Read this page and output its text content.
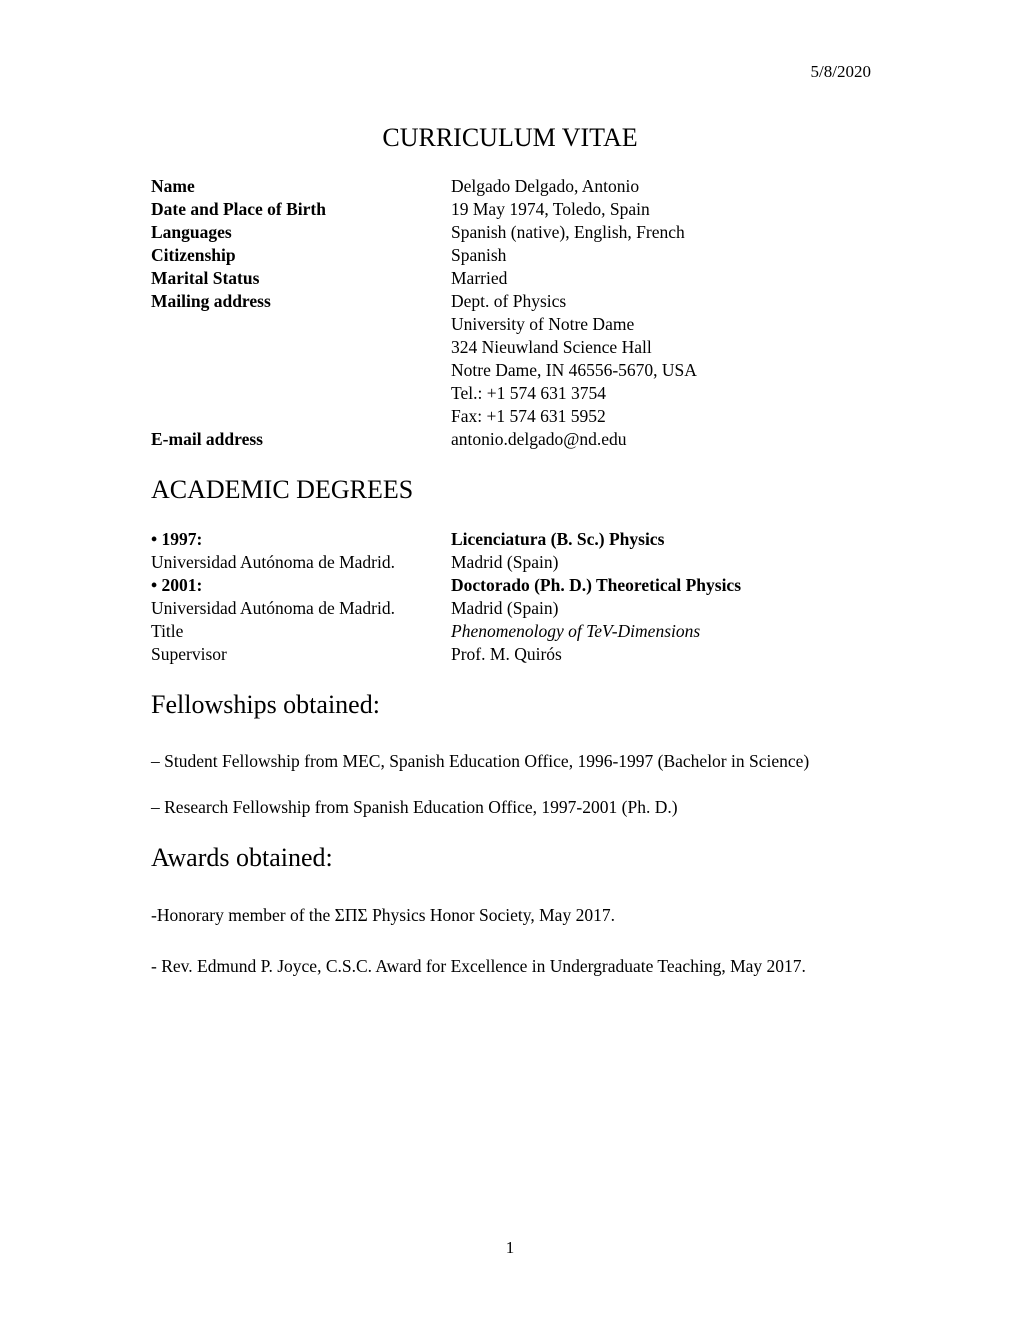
5/8/2020
CURRICULUM VITAE
Name	Delgado Delgado, Antonio
Date and Place of Birth	19 May 1974, Toledo, Spain
Languages	Spanish (native), English, French
Citizenship	Spanish
Marital Status	Married
Mailing address	Dept. of Physics
University of Notre Dame
324 Nieuwland Science Hall
Notre Dame, IN 46556-5670, USA
Tel.: +1 574 631 3754
Fax: +1 574 631 5952
E-mail address	antonio.delgado@nd.edu
ACADEMIC DEGREES
• 1997:	Licenciatura (B. Sc.) Physics
Universidad Autónoma de Madrid.	Madrid (Spain)
• 2001:	Doctorado (Ph. D.) Theoretical Physics
Universidad Autónoma de Madrid.	Madrid (Spain)
Title	Phenomenology of TeV-Dimensions
Supervisor	Prof. M. Quirós
Fellowships obtained:
– Student Fellowship from MEC, Spanish Education Office, 1996-1997 (Bachelor in Science)
– Research Fellowship from Spanish Education Office, 1997-2001 (Ph. D.)
Awards obtained:
-Honorary member of the ΣΠΣ Physics Honor Society, May 2017.
- Rev. Edmund P. Joyce, C.S.C. Award for Excellence in Undergraduate Teaching, May 2017.
1
